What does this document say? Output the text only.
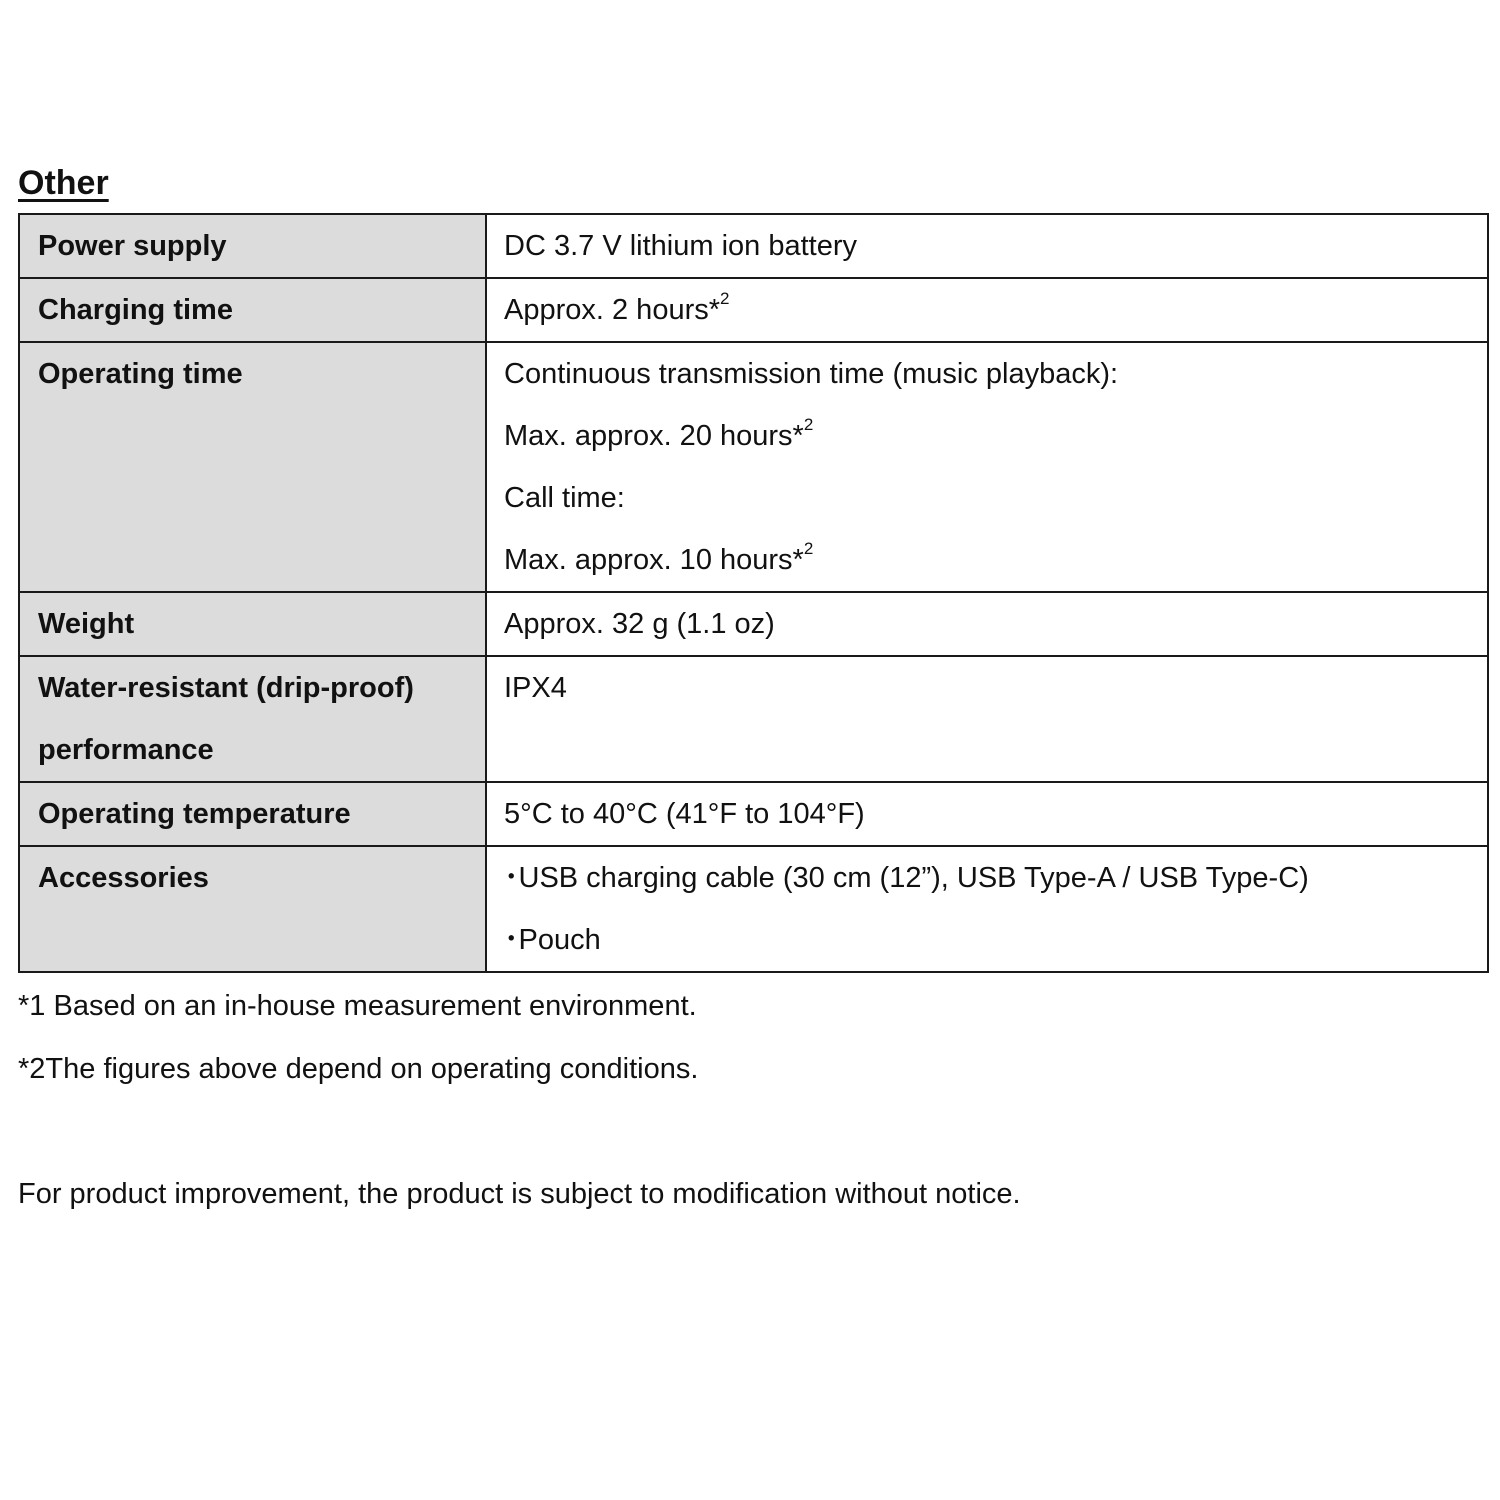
Other
Power supply	DC 3.7 V lithium ion battery

Charging time	Approx. 2 hours*$^2$

Operating time	Continuous transmission time (music playback):
Max. approx. 20 hours*$^2$
Call time:
Max. approx. 10 hours*$^2$

Weight	Approx. 32 g (1.1 oz)

Water-resistant (drip-proof)
performance	IPX4

Operating temperature	5°C to 40°C (41°F to 104°F)

Accessories	･USB charging cable (30 cm (12”), USB Type-A / USB Type-C)
･Pouch

*1 Based on an in-house measurement environment.

*2The figures above depend on operating conditions.

For product improvement, the product is subject to modification without notice.
